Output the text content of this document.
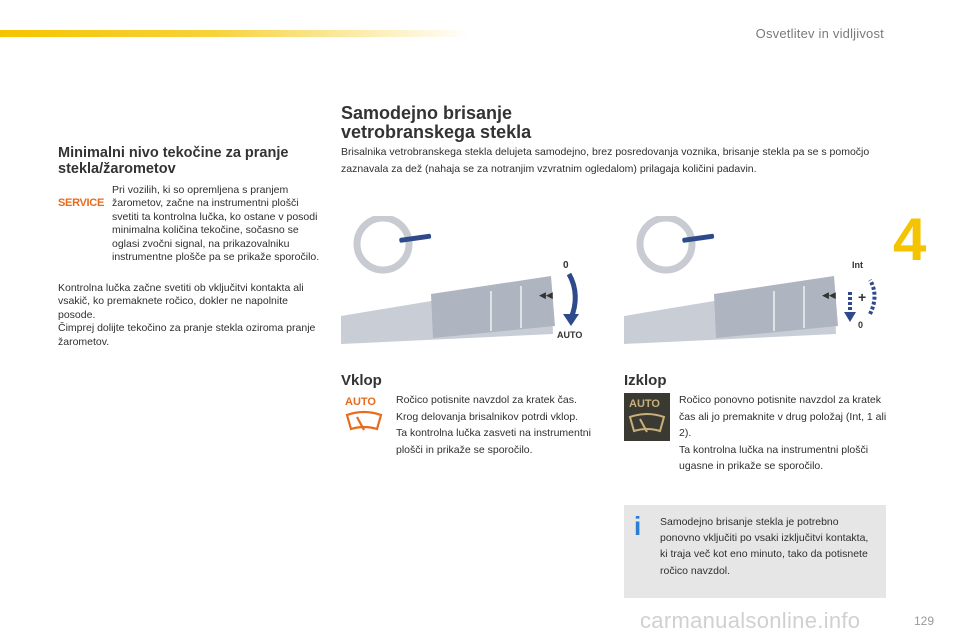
Osvetlitev in vidljivost
4
Minimalni nivo tekočine za pranje stekla/žarometov
SERVICE
Pri vozilih, ki so opremljena s pranjem žarometov, začne na instrumentni plošči svetiti ta kontrolna lučka, ko ostane v posodi minimalna količina tekočine, sočasno se oglasi zvočni signal, na prikazovalniku instrumentne plošče pa se prikaže sporočilo.
Kontrolna lučka začne svetiti ob vključitvi kontakta ali vsakič, ko premaknete ročico, dokler ne napolnite posode.
Čimprej dolijte tekočino za pranje stekla oziroma pranje žarometov.
Samodejno brisanje vetrobranskega stekla
Brisalnika vetrobranskega stekla delujeta samodejno, brez posredovanja voznika, brisanje stekla pa se s pomočjo zaznavala za dež (nahaja se za notranjim vzvratnim ogledalom) prilagaja količini padavin.
0
AUTO
◀◀	+
Int
0
◀◀
Vklop	Izklop
AUTO	AUTO
Ročico potisnite navzdol za kratek čas.
Krog delovanja brisalnikov potrdi vklop.
Ta kontrolna lučka zasveti na instrumentni plošči in prikaže se sporočilo.
Ročico ponovno potisnite navzdol za kratek čas ali jo premaknite v drug položaj (Int, 1 ali 2).
Ta kontrolna lučka na instrumentni plošči ugasne in prikaže se sporočilo.
i	Samodejno brisanje stekla je potrebno ponovno vključiti po vsaki izključitvi kontakta, ki traja več kot eno minuto, tako da potisnete ročico navzdol.
129
carmanualsonline.info
